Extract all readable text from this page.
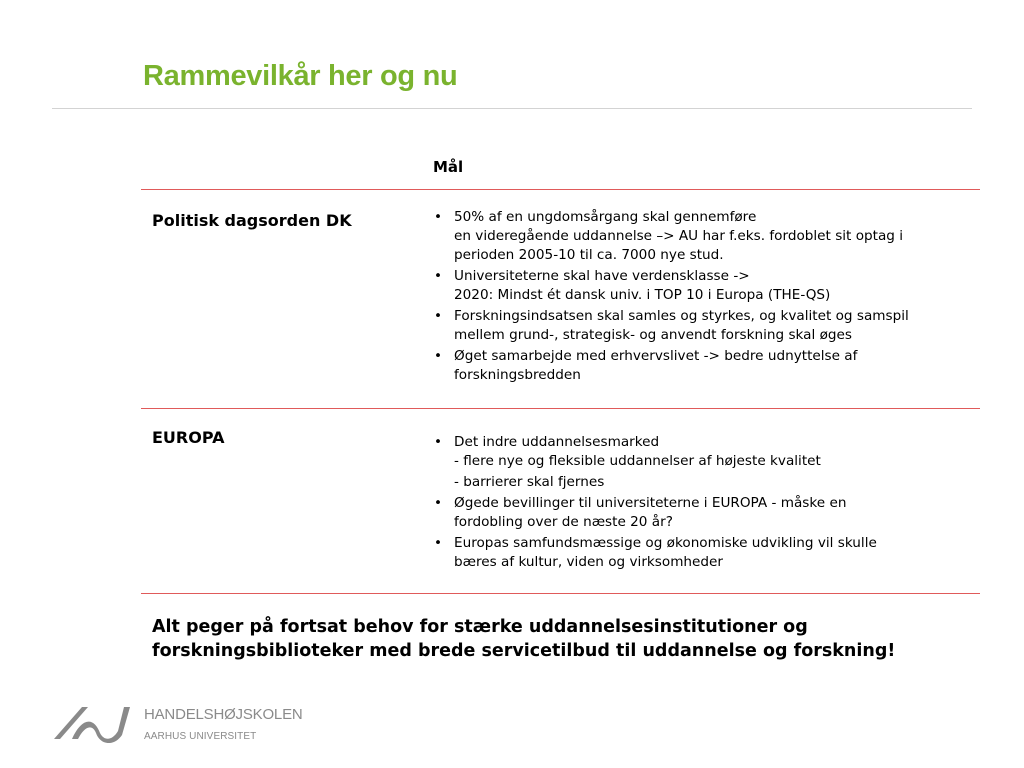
Rammevilkår her og nu
Mål
Politisk dagsorden DK	• 50% af en ungdomsårgang skal gennemføre
en videregående uddannelse –> AU har f.eks. fordoblet sit optag i
perioden 2005-10 til ca. 7000 nye stud.
• Universiteterne skal have verdensklasse ->
2020: Mindst ét dansk univ. i TOP 10 i Europa (THE-QS)
• Forskningsindsatsen skal samles og styrkes, og kvalitet og samspil
mellem grund-, strategisk- og anvendt forskning skal øges
• Øget samarbejde med erhvervslivet -> bedre udnyttelse af
forskningsbredden
EUROPA	• Det indre uddannelsesmarked
- flere nye og fleksible uddannelser af højeste kvalitet
- barrierer skal fjernes
• Øgede bevillinger til universiteterne i EUROPA - måske en
fordobling over de næste 20 år?
• Europas samfundsmæssige og økonomiske udvikling vil skulle
bæres af kultur, viden og virksomheder
Alt peger på fortsat behov for stærke uddannelsesinstitutioner og forskningsbiblioteker med brede servicetilbud til uddannelse og forskning!
HANDELSHØJSKOLEN
AARHUS UNIVERSITET
